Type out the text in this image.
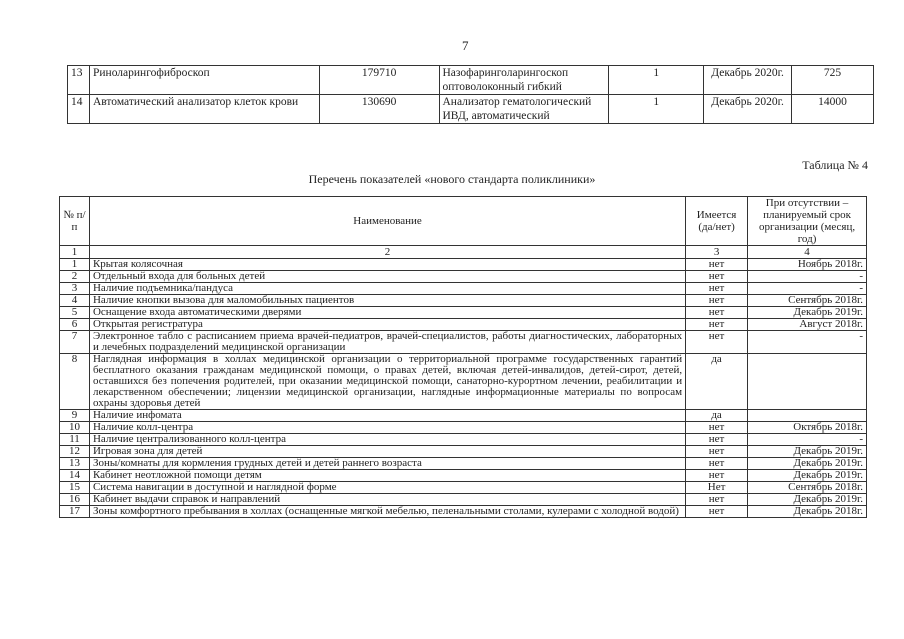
7
13	Риноларингофиброскоп	179710	Назофаринголарингоскоп оптоволоконный гибкий	1	Декабрь 2020г.	725
14	Автоматический анализатор клеток крови	130690	Анализатор гематологический ИВД, автоматический	1	Декабрь 2020г.	14000
Таблица № 4
Перечень показателей «нового стандарта поликлиники»
№ п/п	Наименование	Имеется (да/нет)	При отсутствии – планируемый срок организации (месяц, год)
1	2	3	4
1	Крытая колясочная	нет	Ноябрь 2018г.
2	Отдельный входа для больных детей	нет	-
3	Наличие подъемника/пандуса	нет	-
4	Наличие кнопки вызова для маломобильных пациентов	нет	Сентябрь 2018г.
5	Оснащение входа автоматическими дверями	нет	Декабрь 2019г.
6	Открытая регистратура	нет	Август 2018г.
7	Электронное табло с расписанием приема врачей-педиатров, врачей-специалистов, работы диагностических, лабораторных и лечебных подразделений медицинской организации	нет	-
8	Наглядная информация в холлах медицинской организации о территориальной программе государственных гарантий бесплатного оказания гражданам медицинской помощи, о правах детей, включая детей-инвалидов, детей-сирот, детей, оставшихся без попечения родителей, при оказании медицинской помощи, санаторно-курортном лечении, реабилитации и лекарственном обеспечении; лицензии медицинской организации, наглядные информационные материалы по вопросам охраны здоровья детей	да	
9	Наличие инфомата	да	
10	Наличие колл-центра	нет	Октябрь 2018г.
11	Наличие централизованного колл-центра	нет	-
12	Игровая зона для детей	нет	Декабрь 2019г.
13	Зоны/комнаты для кормления грудных детей и детей раннего возраста	нет	Декабрь 2019г.
14	Кабинет неотложной помощи детям	нет	Декабрь 2019г.
15	Система навигации в доступной и наглядной форме	Нет	Сентябрь 2018г.
16	Кабинет выдачи справок и направлений	нет	Декабрь 2019г.
17	Зоны комфортного пребывания в холлах (оснащенные мягкой мебелью, пеленальными столами, кулерами с холодной водой)	нет	Декабрь 2018г.
